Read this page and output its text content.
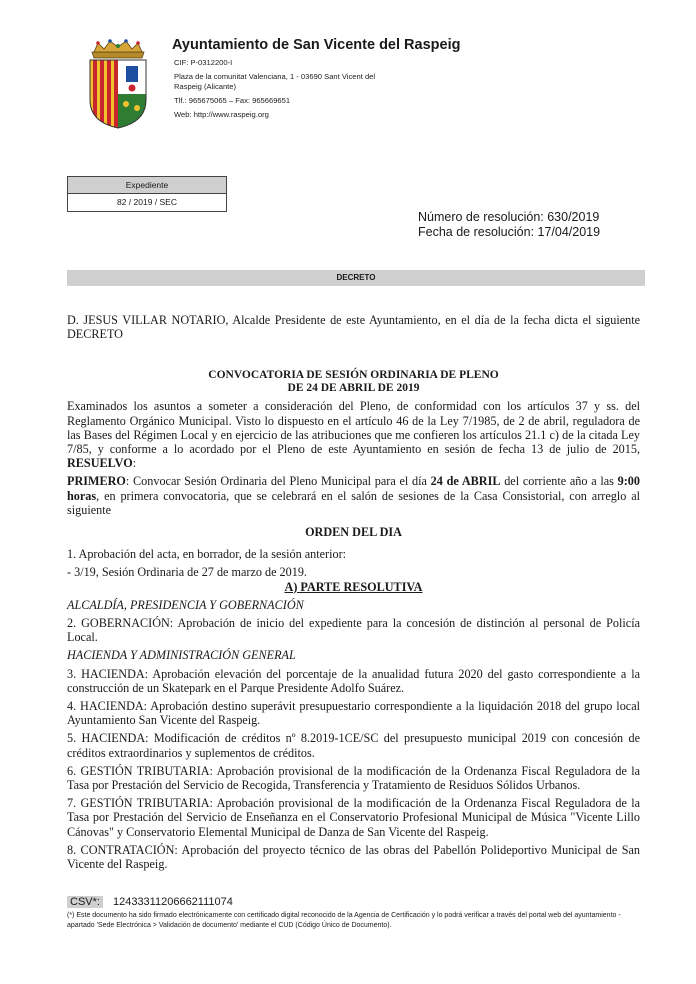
Ayuntamiento de San Vicente del Raspeig
CIF: P-0312200-I
Plaza de la comunitat Valenciana, 1 - 03690 Sant Vicent del
Raspeig (Alicante)
Tlf.: 965675065 – Fax: 965669651
Web: http://www.raspeig.org
Expediente
82 / 2019 / SEC
Número de resolución: 630/2019
Fecha de resolución: 17/04/2019
DECRETO

D. JESUS VILLAR NOTARIO, Alcalde Presidente de este Ayuntamiento, en el día de la fecha dicta el siguiente DECRETO

CONVOCATORIA DE SESIÓN ORDINARIA DE PLENO

DE 24 DE ABRIL DE 2019

Examinados los asuntos a someter a consideración del Pleno, de conformidad con los artículos 37 y ss. del Reglamento Orgánico Municipal. Visto lo dispuesto en el artículo 46 de la Ley 7/1985, de 2 de abril, reguladora de las Bases del Régimen Local y en ejercicio de las atribuciones que me confieren los artículos 21.1 c) de la citada Ley 7/85, y conforme a lo acordado por el Pleno de este Ayuntamiento en sesión de fecha 13 de julio de 2015, RESUELVO:

PRIMERO: Convocar Sesión Ordinaria del Pleno Municipal para el día 24 de ABRIL del corriente año a las 9:00 horas, en primera convocatoria, que se celebrará en el salón de sesiones de la Casa Consistorial, con arreglo al siguiente

ORDEN DEL DIA

1. Aprobación del acta, en borrador, de la sesión anterior:

- 3/19, Sesión Ordinaria de 27 de marzo de 2019.

A) PARTE RESOLUTIVA

ALCALDÍA, PRESIDENCIA Y GOBERNACIÓN

2. GOBERNACIÓN: Aprobación de inicio del expediente para la concesión de distinción al personal de Policía Local.

HACIENDA Y ADMINISTRACIÓN GENERAL

3. HACIENDA: Aprobación elevación del porcentaje de la anualidad futura 2020 del gasto correspondiente a la construcción de un Skatepark en el Parque Presidente Adolfo Suárez.

4. HACIENDA: Aprobación destino superávit presupuestario correspondiente a la liquidación 2018 del grupo local Ayuntamiento San Vicente del Raspeig.

5. HACIENDA: Modificación de créditos nº 8.2019-1CE/SC del presupuesto municipal 2019 con concesión de créditos extraordinarios y suplementos de créditos.

6. GESTIÓN TRIBUTARIA: Aprobación provisional de la modificación de la Ordenanza Fiscal Reguladora de la Tasa por Prestación del Servicio de Recogida, Transferencia y Tratamiento de Residuos Sólidos Urbanos.

7. GESTIÓN TRIBUTARIA: Aprobación provisional de la modificación de la Ordenanza Fiscal Reguladora de la Tasa por Prestación del Servicio de Enseñanza en el Conservatorio Profesional Municipal de Música "Vicente Lillo Cánovas" y Conservatorio Elemental Municipal de Danza de San Vicente del Raspeig.

8. CONTRATACIÓN: Aprobación del proyecto técnico de las obras del Pabellón Polideportivo Municipal de San Vicente del Raspeig.

CSV*: 12433311206662111074
(*) Este documento ha sido firmado electrónicamente con certificado digital reconocido de la Agencia de Certificación y lo podrá verificar a través del portal web del ayuntamiento - apartado 'Sede Electrónica > Validación de documento' mediante el CUD (Código Único de Documento).
